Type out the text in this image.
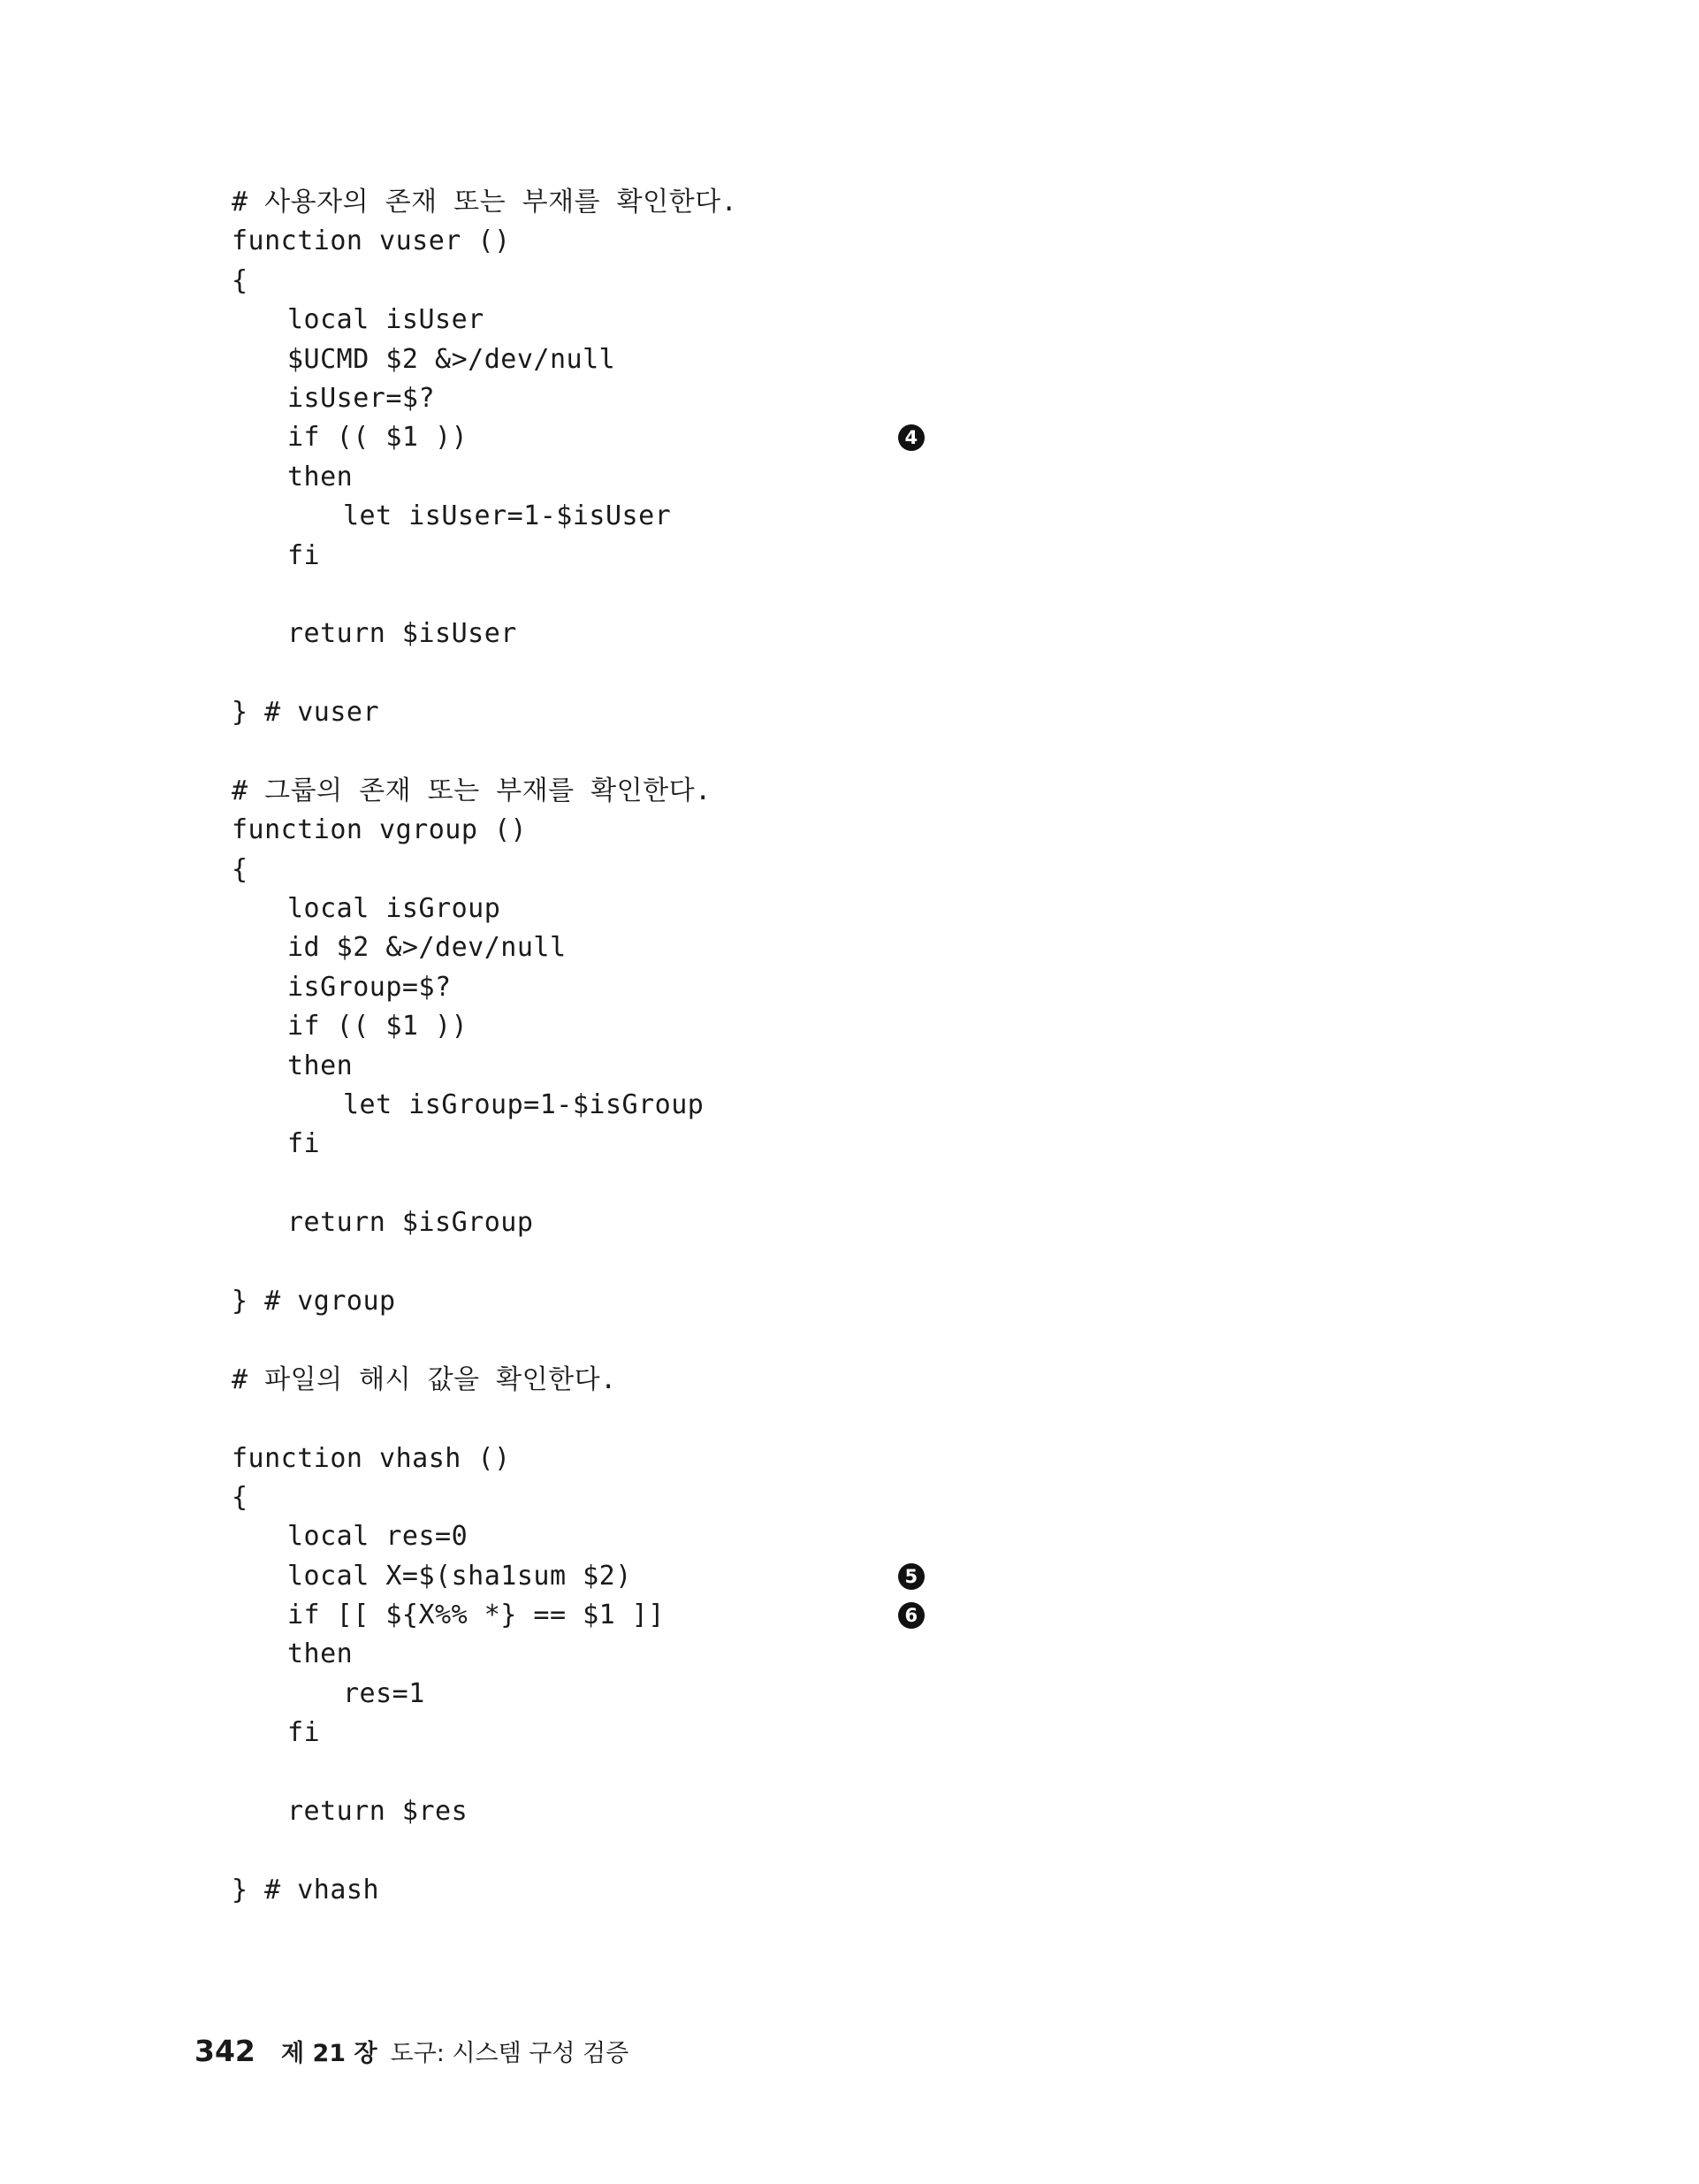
# 사용자의 존재 또는 부재를 확인한다.
function vuser ()
{
local isUser
$UCMD $2 &>/dev/null
isUser=$?
if (( $1 ))	4
then
let isUser=1-$isUser
fi
return $isUser
} # vuser
# 그룹의 존재 또는 부재를 확인한다.
function vgroup ()
{
local isGroup
id $2 &>/dev/null
isGroup=$?
if (( $1 ))
then
let isGroup=1-$isGroup
fi
return $isGroup
} # vgroup
# 파일의 해시 값을 확인한다.
function vhash ()
{
local res=0
local X=$(sha1sum $2)	5
if [[ ${X%% *} == $1 ]]	6
then
res=1
fi
return $res
} # vhash
342 제 21 장 도구: 시스템 구성 검증
